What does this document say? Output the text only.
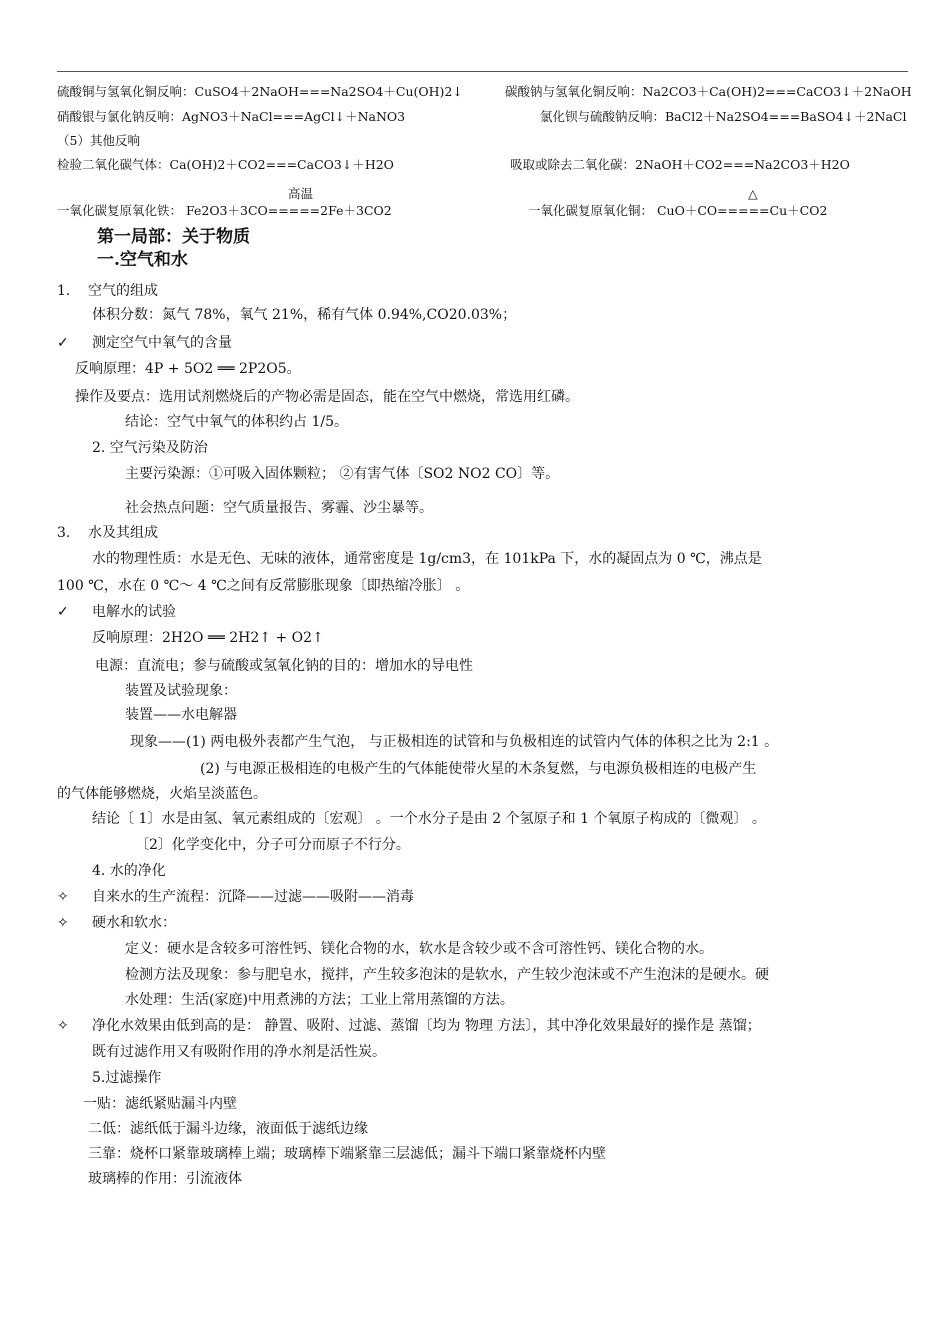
硫酸铜与氢氧化铜反响：CuSO4＋2NaOH===Na2SO4＋Cu(OH)2↓	碳酸钠与氢氧化铜反响：Na2CO3＋Ca(OH)2===CaCO3↓＋2NaOH
硝酸银与氯化钠反响：AgNO3＋NaCl===AgCl↓＋NaNO3	氯化钡与硫酸钠反响：BaCl2＋Na2SO4===BaSO4↓＋2NaCl
（5）其他反响
检验二氧化碳气体：Ca(OH)2＋CO2===CaCO3↓＋H2O	吸取或除去二氧化碳：2NaOH＋CO2===Na2CO3＋H2O
高温	△
一氧化碳复原氧化铁： Fe2O3＋3CO=====2Fe＋3CO2	一氧化碳复原氧化铜： CuO＋CO=====Cu＋CO2
第一局部：关于物质
一.空气和水
1. 空气的组成
体积分数：氮气 78%，氧气 21%，稀有气体 0.94%,CO20.03%；
✓ 测定空气中氧气的含量
反响原理：4P + 5O2 ══ 2P2O5。
操作及要点：选用试剂燃烧后的产物必需是固态，能在空气中燃烧，常选用红磷。
结论：空气中氧气的体积约占 1/5。
2. 空气污染及防治
主要污染源：①可吸入固体颗粒； ②有害气体〔SO2 NO2 CO〕等。
社会热点问题：空气质量报告、雾霾、沙尘暴等。
3. 水及其组成
水的物理性质：水是无色、无味的液体，通常密度是 1g/cm3，在 101kPa 下，水的凝固点为 0 ℃，沸点是
100 ℃，水在 0 ℃～ 4 ℃之间有反常膨胀现象〔即热缩冷胀〕 。
✓ 电解水的试验
反响原理：2H2O ══ 2H2↑ + O2↑
电源：直流电；参与硫酸或氢氧化钠的目的：增加水的导电性
装置及试验现象：
装置——水电解器
现象——(1) 两电极外表都产生气泡， 与正极相连的试管和与负极相连的试管内气体的体积之比为 2:1 。
(2) 与电源正极相连的电极产生的气体能使带火星的木条复燃，与电源负极相连的电极产生
的气体能够燃烧，火焰呈淡蓝色。
结论〔 1〕水是由氢、氧元素组成的〔宏观〕 。一个水分子是由 2 个氢原子和 1 个氧原子构成的〔微观〕 。
〔2〕化学变化中，分子可分而原子不行分。
4. 水的净化
✧ 自来水的生产流程：沉降——过滤——吸附——消毒
✧ 硬水和软水：
定义：硬水是含较多可溶性钙、镁化合物的水，软水是含较少或不含可溶性钙、镁化合物的水。
检测方法及现象：参与肥皂水，搅拌，产生较多泡沫的是软水，产生较少泡沫或不产生泡沫的是硬水。硬
水处理：生活(家庭)中用煮沸的方法；工业上常用蒸馏的方法。
✧ 净化水效果由低到高的是： 静置、吸附、过滤、蒸馏〔均为 物理 方法〕，其中净化效果最好的操作是 蒸馏；
既有过滤作用又有吸附作用的净水剂是活性炭。
5.过滤操作
一贴：滤纸紧贴漏斗内壁
二低：滤纸低于漏斗边缘，液面低于滤纸边缘
三靠：烧杯口紧靠玻璃棒上端；玻璃棒下端紧靠三层滤低；漏斗下端口紧靠烧杯内壁
玻璃棒的作用：引流液体
